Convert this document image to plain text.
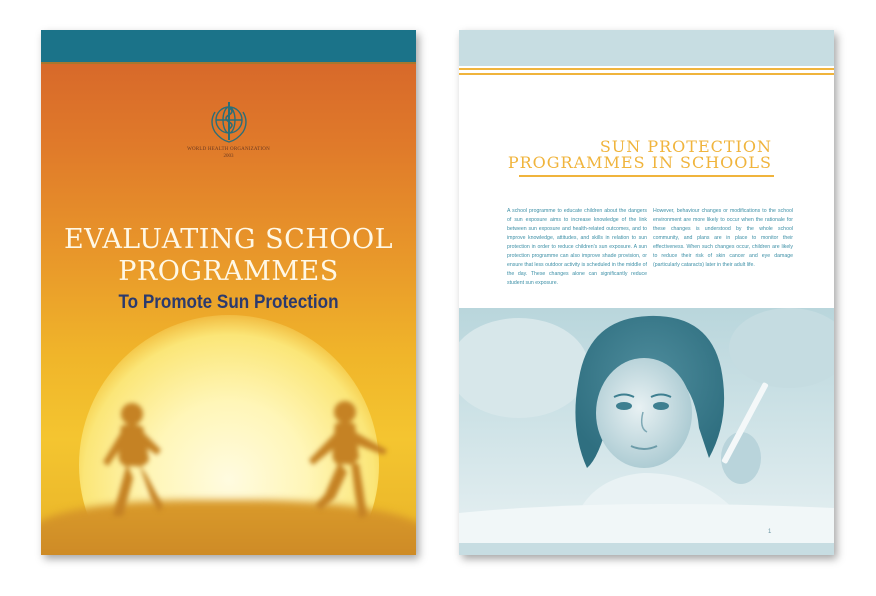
WORLD HEALTH ORGANIZATION
2003
EVALUATING SCHOOL
PROGRAMMES
To Promote Sun Protection
SUN PROTECTION
PROGRAMMES IN SCHOOLS
A school programme to educate children about the dangers of sun exposure aims to increase knowledge of the link between sun exposure and health-related outcomes, and to improve knowledge, attitudes, and skills in relation to sun protection in order to reduce children's sun exposure. A sun protection programme can also improve shade provision, or ensure that less outdoor activity is scheduled in the middle of the day. These changes alone can significantly reduce student sun exposure.
However, behaviour changes or modifications to the school environment are more likely to occur when the rationale for these changes is understood by the whole school community, and plans are in place to monitor their effectiveness. When such changes occur, children are likely to reduce their risk of skin cancer and eye damage (particularly cataracts) later in their adult life.
1
